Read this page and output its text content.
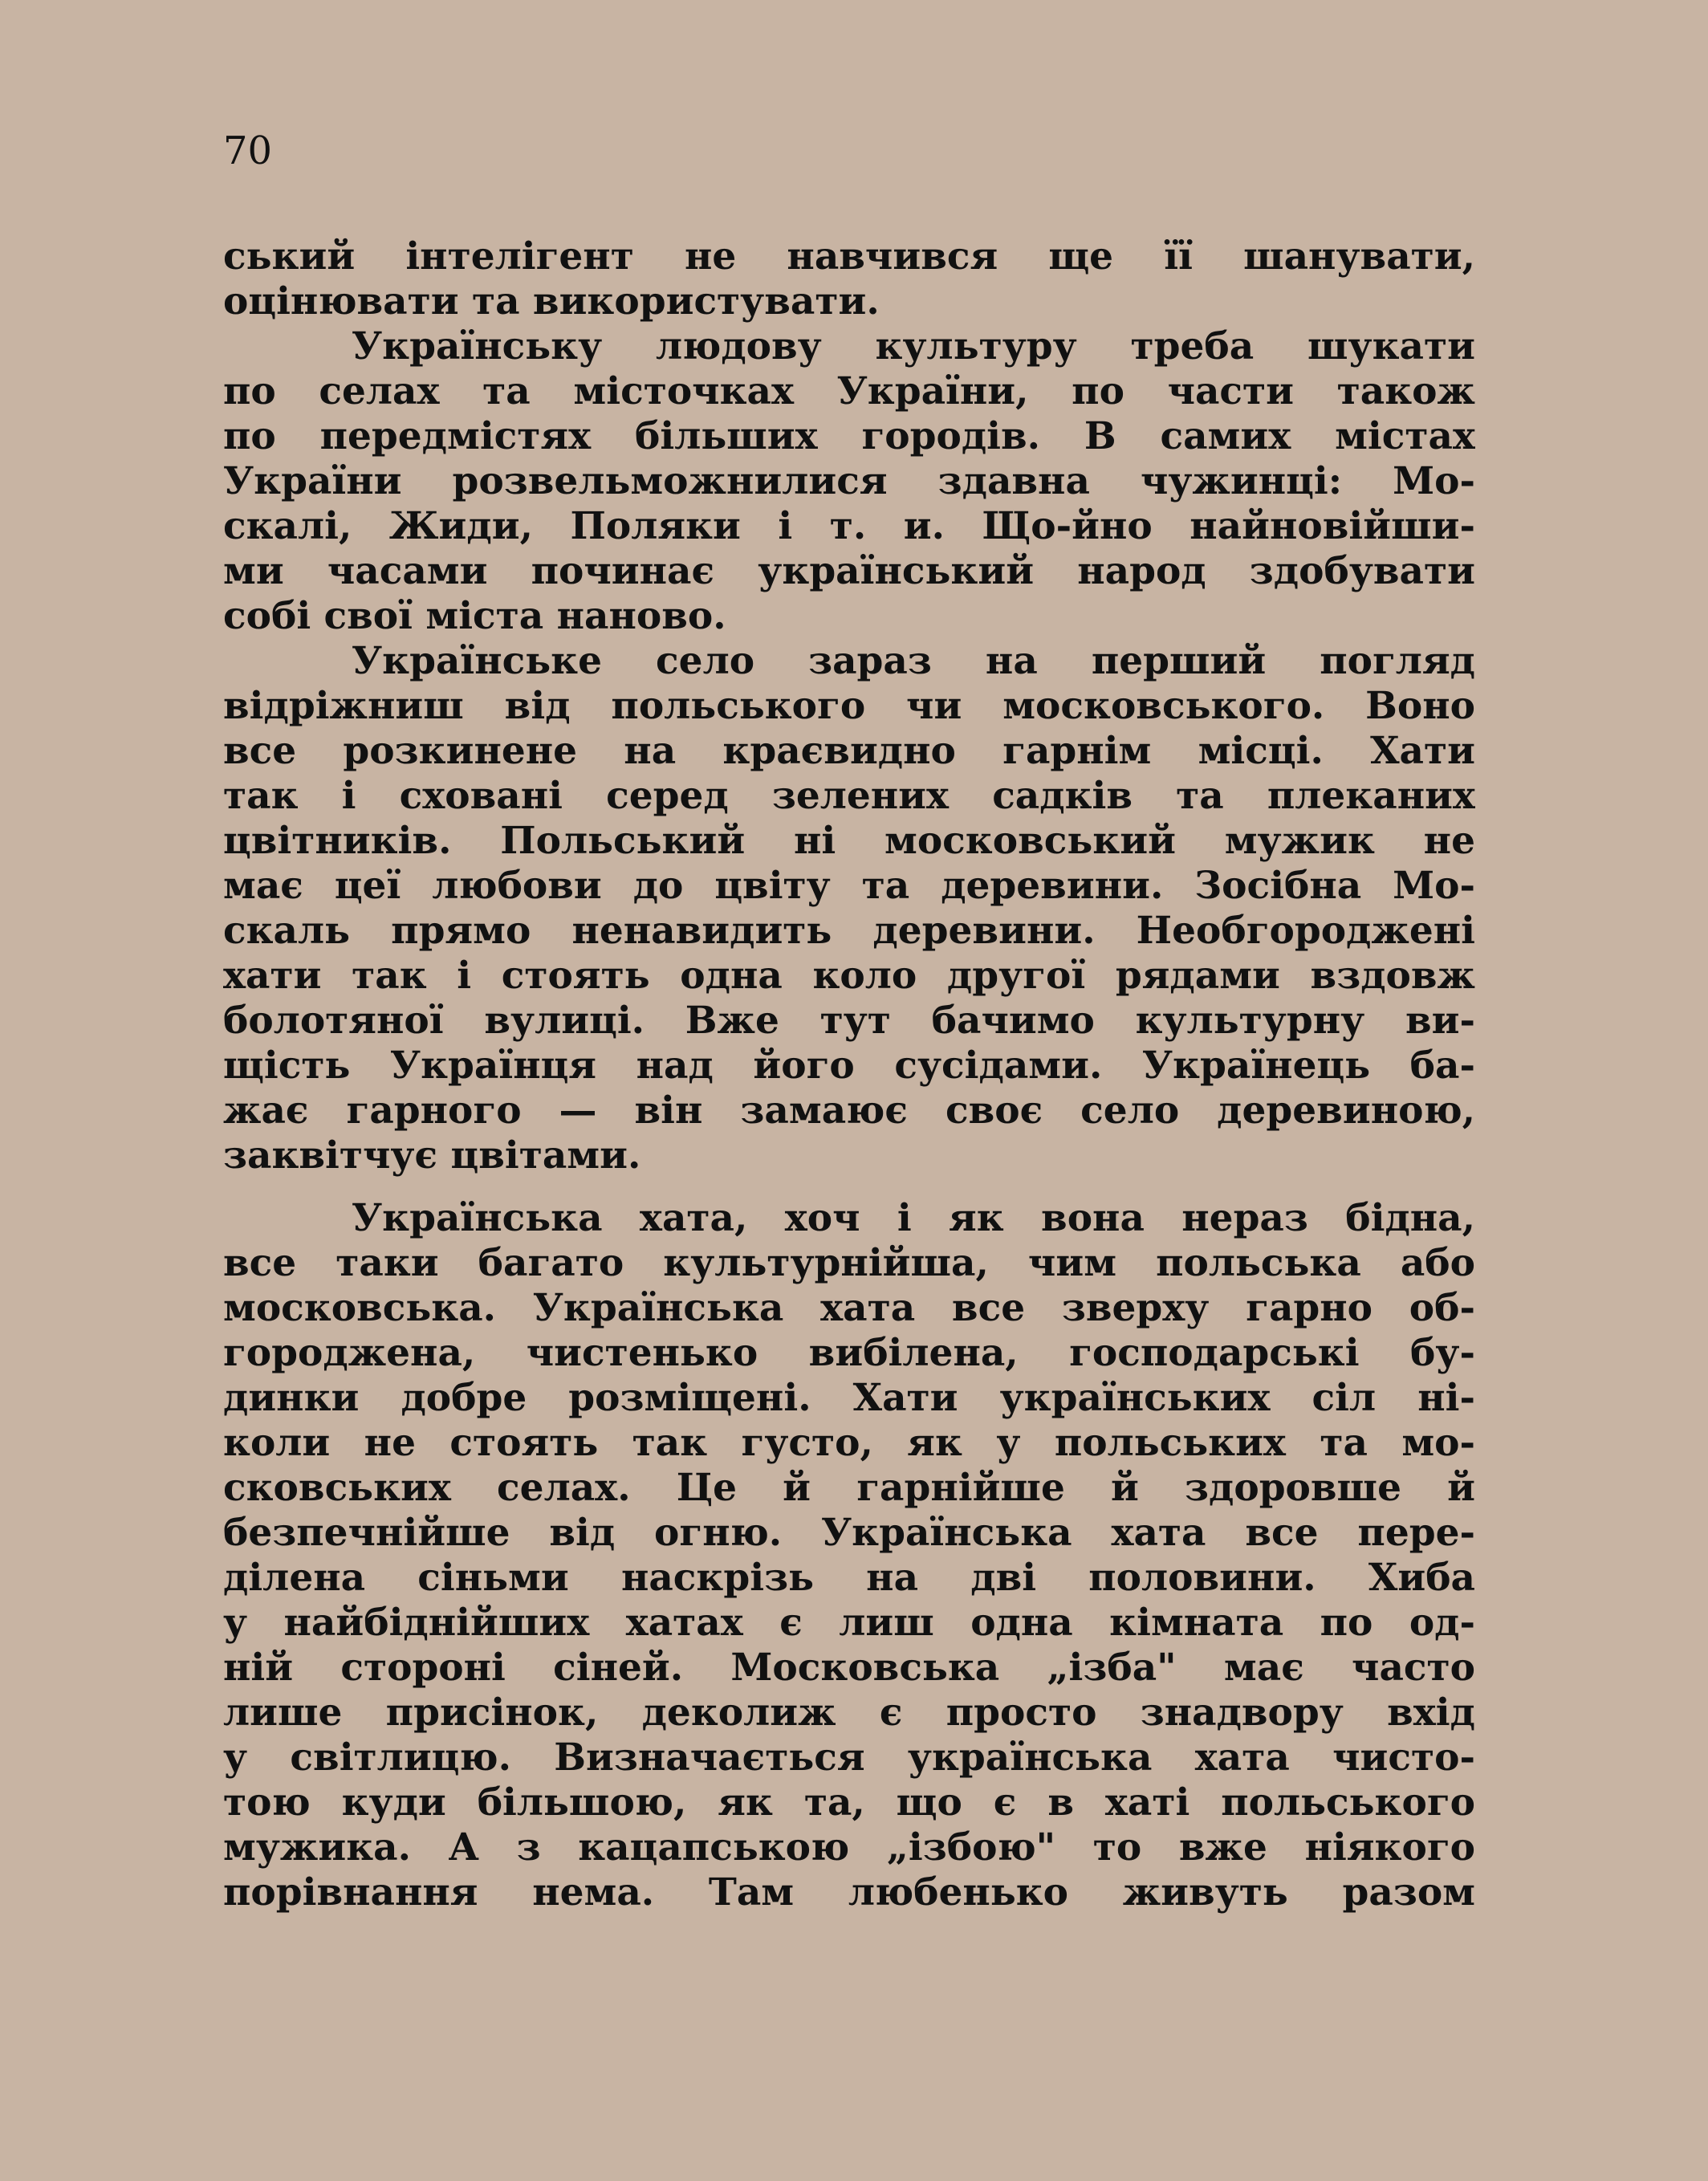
70
ський інтелігент не навчився ще її шанувати,
оцінювати та використувати.
Українську людову культуру треба шукати
по селах та місточках України, по части також
по передмістях більших городів. В самих містах
України розвельможнилися здавна чужинці: Мо-
скалі, Жиди, Поляки і т. и. Що-йно найновійши-
ми часами починає український народ здобувати
собі свої міста наново.
Українське село зараз на перший погляд
відріжниш від польського чи московського. Воно
все розкинене на краєвидно гарнім місці. Хати
так і сховані серед зелених садків та плеканих
цвітників. Польський ні московський мужик не
має цеї любови до цвіту та деревини. Зосібна Мо-
скаль прямо ненавидить деревини. Необгороджені
хати так і стоять одна коло другої рядами вздовж
болотяної вулиці. Вже тут бачимо культурну ви-
щість Українця над його сусідами. Українець ба-
жає гарного — він замаює своє село деревиною,
заквітчує цвітами.
Українська хата, хоч і як вона нераз бідна,
все таки багато культурнійша, чим польська або
московська. Українська хата все зверху гарно об-
городжена, чистенько вибілена, господарські бу-
динки добре розміщені. Хати українських сіл ні-
коли не стоять так густо, як у польських та мо-
сковських селах. Це й гарнійше й здоровше й
безпечнійше від огню. Українська хата все пере-
ділена сіньми наскрізь на дві половини. Хиба
у найбіднійших хатах є лиш одна кімната по од-
ній стороні сіней. Московська „ізба" має часто
лише присінок, деколиж є просто знадвору вхід
у світлицю. Визначається українська хата чисто-
тою куди більшою, як та, що є в хаті польського
мужика. А з кацапською „ізбою" то вже ніякого
порівнання нема. Там любенько живуть разом
